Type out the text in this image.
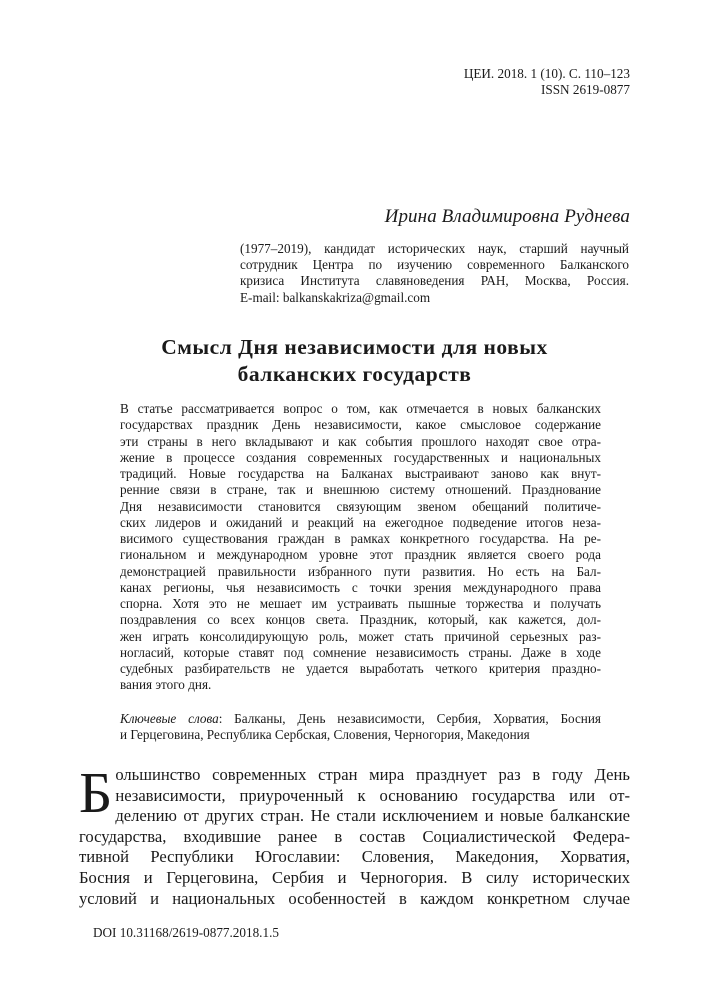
ЦЕИ. 2018. 1 (10). С. 110–123
ISSN 2619-0877
Ирина Владимировна Руднева
(1977–2019), кандидат исторических наук, старший научный
сотрудник Центра по изучению современного Балканского
кризиса Института славяноведения РАН, Москва, Россия.
E-mail: balkanskakriza@gmail.com
Смысл Дня независимости для новых
балканских государств
В статье рассматривается вопрос о том, как отмечается в новых балканских
государствах праздник День независимости, какое смысловое содержание
эти страны в него вкладывают и как события прошлого находят свое отра-
жение в процессе создания современных государственных и национальных
традиций. Новые государства на Балканах выстраивают заново как внут-
ренние связи в стране, так и внешнюю систему отношений. Празднование
Дня независимости становится связующим звеном обещаний политиче-
ских лидеров и ожиданий и реакций на ежегодное подведение итогов неза-
висимого существования граждан в рамках конкретного государства. На ре-
гиональном и международном уровне этот праздник является своего рода
демонстрацией правильности избранного пути развития. Но есть на Бал-
канах регионы, чья независимость с точки зрения международного права
спорна. Хотя это не мешает им устраивать пышные торжества и получать
поздравления со всех концов света. Праздник, который, как кажется, дол-
жен играть консолидирующую роль, может стать причиной серьезных раз-
ногласий, которые ставят под сомнение независимость страны. Даже в ходе
судебных разбирательств не удается выработать четкого критерия праздно-
вания этого дня.
Ключевые слова: Балканы, День независимости, Сербия, Хорватия, Босния
и Герцеговина, Республика Сербская, Словения, Черногория, Македония
Б ольшинство современных стран мира празднует раз в году День
независимости, приуроченный к основанию государства или от-
делению от других стран. Не стали исключением и новые балканские
государства, входившие ранее в состав Социалистической Федера-
тивной Республики Югославии: Словения, Македония, Хорватия,
Босния и Герцеговина, Сербия и Черногория. В силу исторических
условий и национальных особенностей в каждом конкретном случае
DOI 10.31168/2619-0877.2018.1.5
